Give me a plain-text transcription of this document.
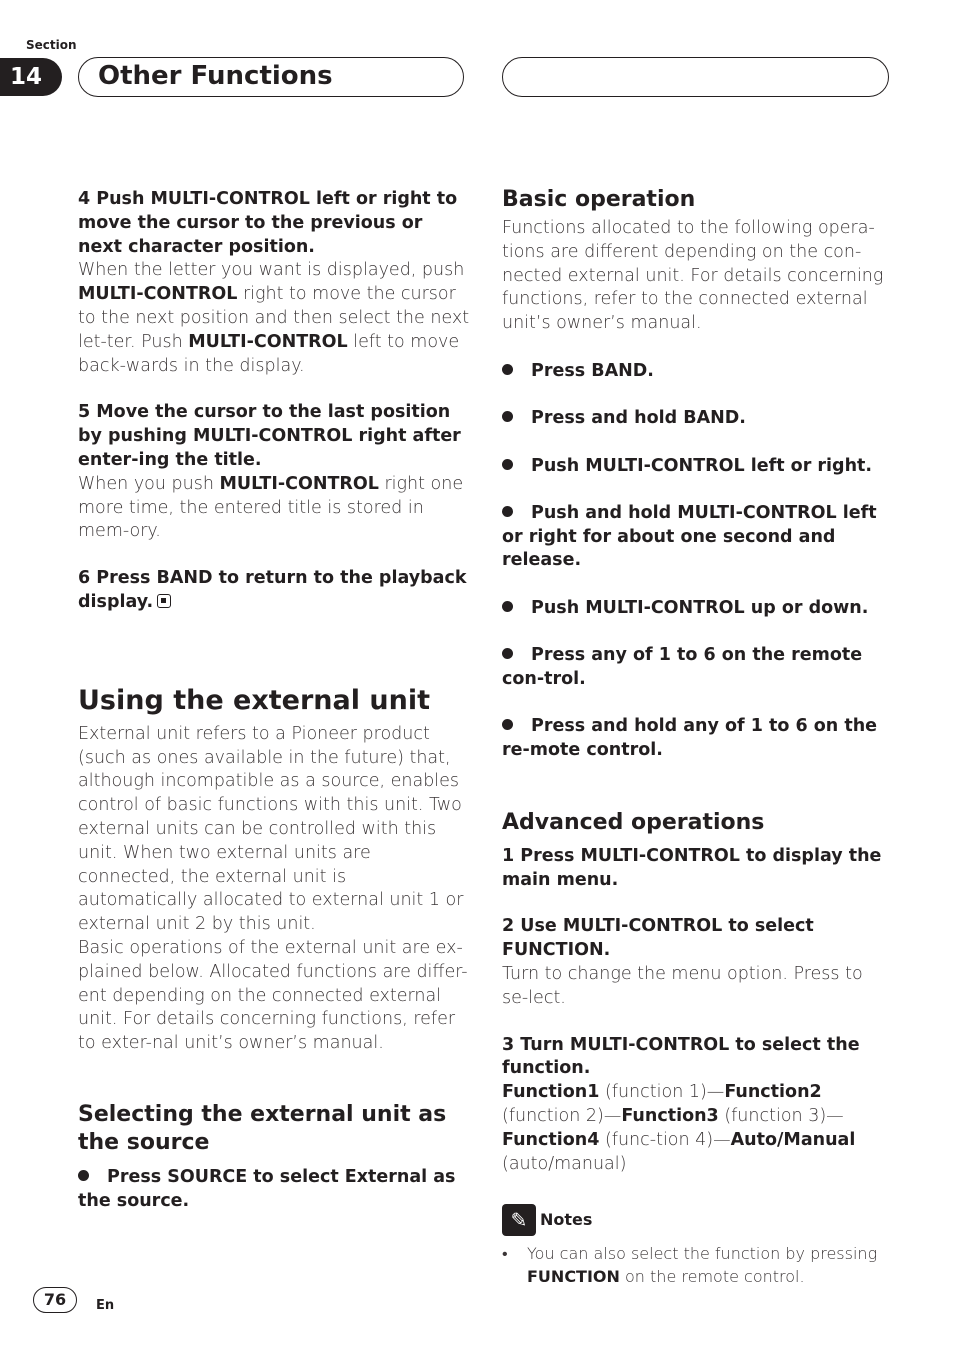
Section
14	Other Functions

4 Push MULTI-CONTROL left or right to move the cursor to the previous or next character position.

When the letter you want is displayed, push MULTI-CONTROL right to move the cursor to the next position and then select the next let-ter. Push MULTI-CONTROL left to move back-wards in the display.

5 Move the cursor to the last position by pushing MULTI-CONTROL right after enter-ing the title.

When you push MULTI-CONTROL right one more time, the entered title is stored in mem-ory.

6 Press BAND to return to the playback display.

Using the external unit

External unit refers to a Pioneer product (such as ones available in the future) that, although incompatible as a source, enables control of basic functions with this unit. Two external units can be controlled with this unit. When two external units are connected, the external unit is automatically allocated to external unit 1 or external unit 2 by this unit.

Basic operations of the external unit are ex-plained below. Allocated functions are differ-ent depending on the connected external unit. For details concerning functions, refer to exter-nal unit’s owner’s manual.

Selecting the external unit as the source

Press SOURCE to select External as the source.

Basic operation

Functions allocated to the following opera-tions are different depending on the con-nected external unit. For details concerning functions, refer to the connected external unit’s owner’s manual.

Press BAND.

Press and hold BAND.

Push MULTI-CONTROL left or right.

Push and hold MULTI-CONTROL left or right for about one second and release.

Push MULTI-CONTROL up or down.

Press any of 1 to 6 on the remote con-trol.

Press and hold any of 1 to 6 on the re-mote control.

Advanced operations

1 Press MULTI-CONTROL to display the main menu.

2 Use MULTI-CONTROL to select FUNCTION.

Turn to change the menu option. Press to se-lect.

3 Turn MULTI-CONTROL to select the function.

Function1 (function 1)—Function2 (function 2)—Function3 (function 3)—Function4 (func-tion 4)—Auto/Manual (auto/manual)

✎ Notes

• You can also select the function by pressing FUNCTION on the remote control.

76	En
